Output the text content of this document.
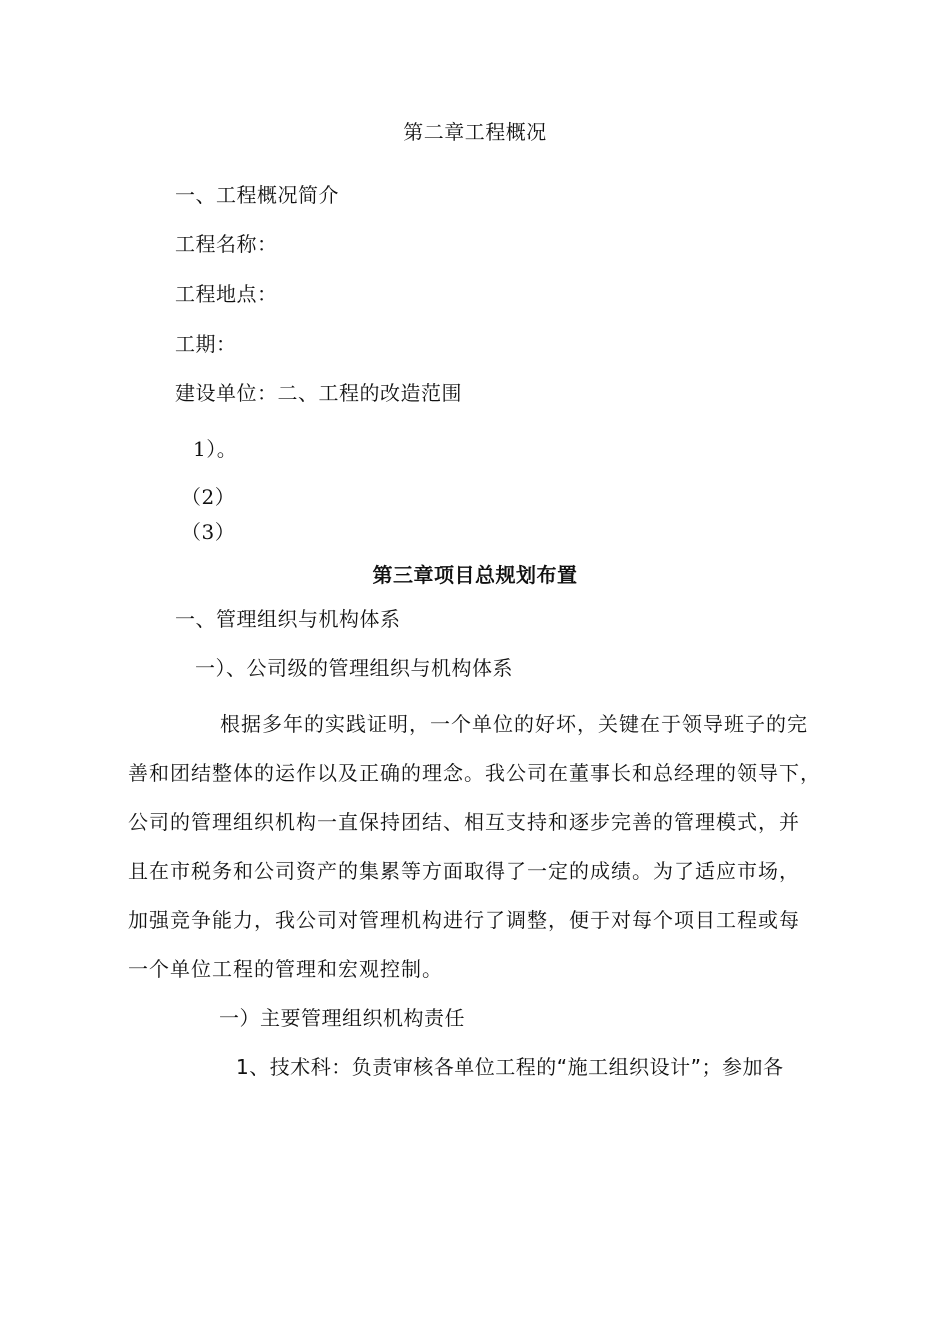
第二章工程概况
一、工程概况简介
工程名称：
工程地点：
工期：
建设单位：二、工程的改造范围
1）。
（2）
（3）
第三章项目总规划布置
一、管理组织与机构体系
一）、公司级的管理组织与机构体系
根据多年的实践证明，一个单位的好坏，关键在于领导班子的完
善和团结整体的运作以及正确的理念。我公司在董事长和总经理的领导下，
公司的管理组织机构一直保持团结、相互支持和逐步完善的管理模式，并
且在市税务和公司资产的集累等方面取得了一定的成绩。为了适应市场，
加强竞争能力，我公司对管理机构进行了调整，便于对每个项目工程或每
一个单位工程的管理和宏观控制。
一）主要管理组织机构责任
1、技术科：负责审核各单位工程的“施工组织设计”；参加各
